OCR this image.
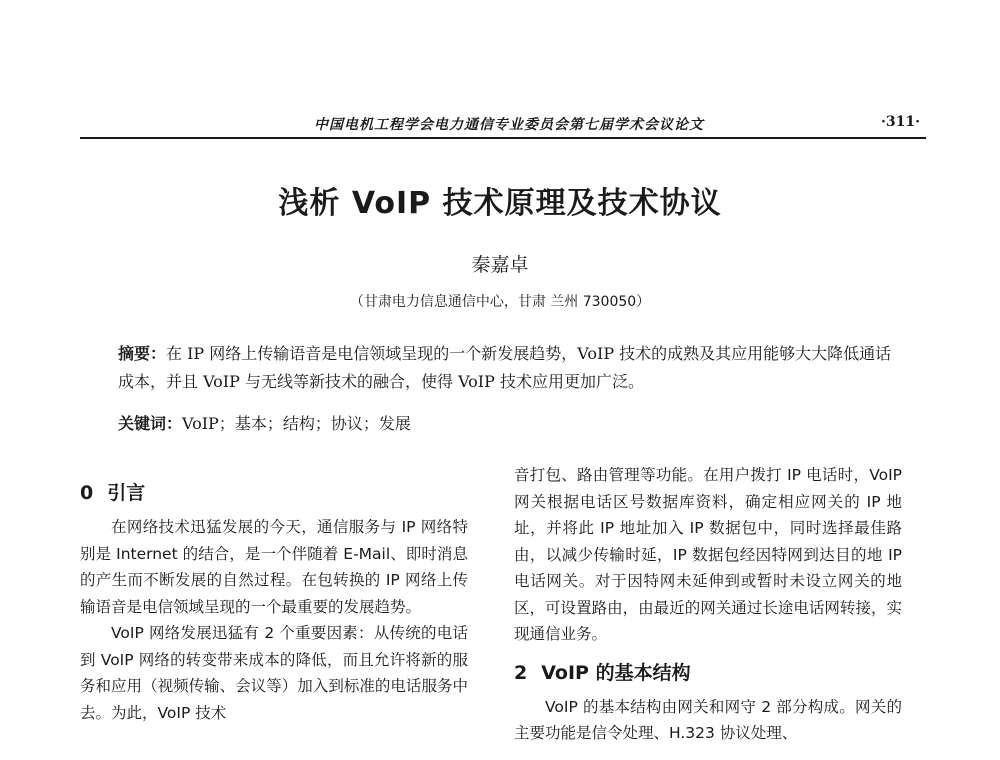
中国电机工程学会电力通信专业委员会第七届学术会议论文	·311·
浅析 VoIP 技术原理及技术协议
秦嘉卓
（甘肃电力信息通信中心，甘肃 兰州 730050）
摘要：在 IP 网络上传输语音是电信领域呈现的一个新发展趋势，VoIP 技术的成熟及其应用能够大大降低通话成本，并且 VoIP 与无线等新技术的融合，使得 VoIP 技术应用更加广泛。
关键词：VoIP；基本；结构；协议；发展
0 引言

在网络技术迅猛发展的今天，通信服务与 IP 网络特别是 Internet 的结合，是一个伴随着 E-Mail、即时消息的产生而不断发展的自然过程。在包转换的 IP 网络上传输语音是电信领域呈现的一个最重要的发展趋势。

VoIP 网络发展迅猛有 2 个重要因素：从传统的电话到 VoIP 网络的转变带来成本的降低，而且允许将新的服务和应用（视频传输、会议等）加入到标准的电话服务中去。为此，VoIP 技术

音打包、路由管理等功能。在用户拨打 IP 电话时，VoIP 网关根据电话区号数据库资料，确定相应网关的 IP 地址，并将此 IP 地址加入 IP 数据包中，同时选择最佳路由，以减少传输时延，IP 数据包经因特网到达目的地 IP 电话网关。对于因特网未延伸到或暂时未设立网关的地区，可设置路由，由最近的网关通过长途电话网转接，实现通信业务。

2 VoIP 的基本结构

VoIP 的基本结构由网关和网守 2 部分构成。网关的主要功能是信令处理、H.323 协议处理、
